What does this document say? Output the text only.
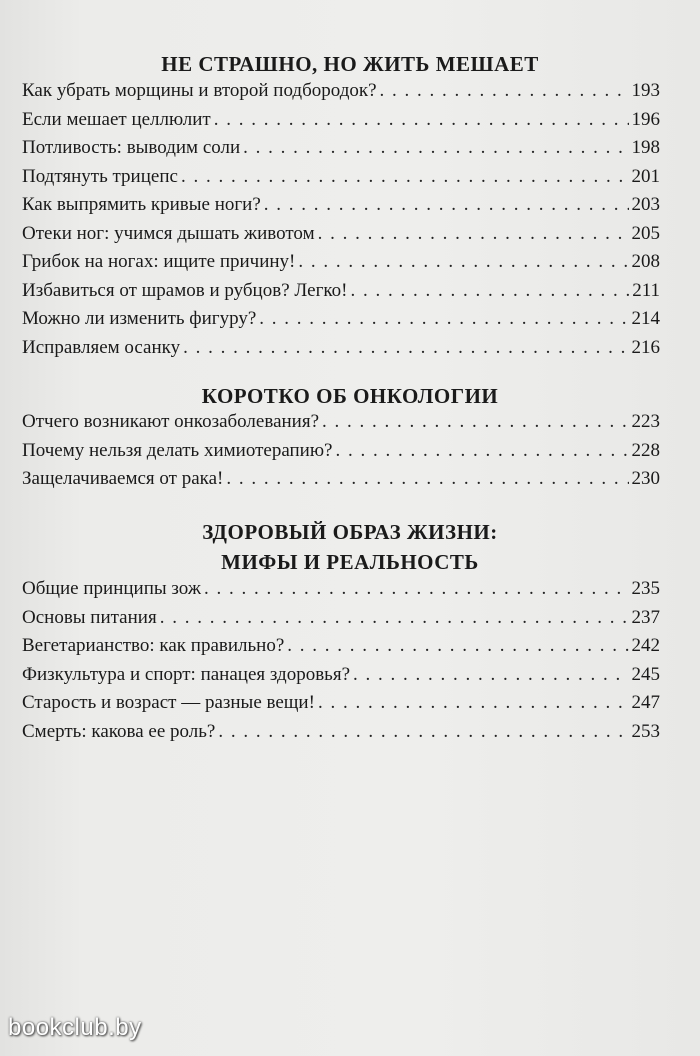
НЕ СТРАШНО, НО ЖИТЬ МЕШАЕТ
Как убрать морщины и второй подбородок? . . .	193
Если мешает целлюлит . . .	196
Потливость: выводим соли . . .	198
Подтянуть трицепс . . .	201
Как выпрямить кривые ноги? . . .	203
Отеки ног: учимся дышать животом . . .	205
Грибок на ногах: ищите причину! . . .	208
Избавиться от шрамов и рубцов? Легко! . . .	211
Можно ли изменить фигуру? . . .	214
Исправляем осанку . . .	216
КОРОТКО ОБ ОНКОЛОГИИ
Отчего возникают онкозаболевания? . . .	223
Почему нельзя делать химиотерапию? . . .	228
Защелачиваемся от рака! . . .	230
ЗДОРОВЫЙ ОБРАЗ ЖИЗНИ:
МИФЫ И РЕАЛЬНОСТЬ
Общие принципы зож . . .	235
Основы питания . . .	237
Вегетарианство: как правильно? . . .	242
Физкультура и спорт: панацея здоровья? . . .	245
Старость и возраст — разные вещи! . . .	247
Смерть: какова ее роль? . . .	253
bookclub.by
